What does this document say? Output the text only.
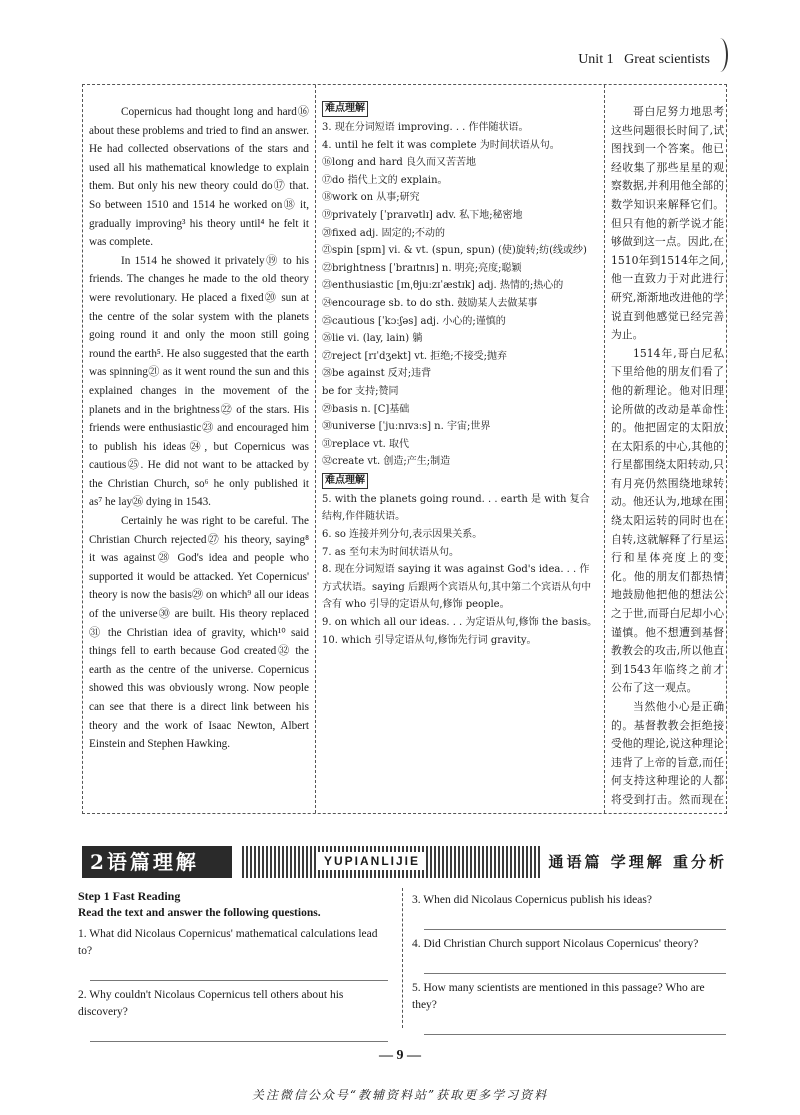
Unit 1 Great scientists

Copernicus had thought long and hard⑯ about these problems and tried to find an answer. He had collected observations of the stars and used all his mathematical knowledge to explain them. But only his new theory could do⑰ that. So between 1510 and 1514 he worked on⑱ it, gradually improving³ his theory until⁴ he felt it was complete.

In 1514 he showed it privately⑲ to his friends. The changes he made to the old theory were revolutionary. He placed a fixed⑳ sun at the centre of the solar system with the planets going round it and only the moon still going round the earth⁵. He also suggested that the earth was spinning㉑ as it went round the sun and this explained changes in the movement of the planets and in the brightness㉒ of the stars. His friends were enthusiastic㉓ and encouraged him to publish his ideas㉔, but Copernicus was cautious㉕. He did not want to be attacked by the Christian Church, so⁶ he only published it as⁷ he lay㉖ dying in 1543.

Certainly he was right to be careful. The Christian Church rejected㉗ his theory, saying⁸ it was against㉘ God's idea and people who supported it would be attacked. Yet Copernicus' theory is now the basis㉙ on which⁹ all our ideas of the universe㉚ are built. His theory replaced㉛ the Christian idea of gravity, which¹⁰ said things fell to earth because God created㉜ the earth as the centre of the universe. Copernicus showed this was obviously wrong. Now people can see that there is a direct link between his theory and the work of Isaac Newton, Albert Einstein and Stephen Hawking.

难点理解

3. 现在分词短语 improving. . . 作伴随状语。
4. until he felt it was complete 为时间状语从句。
⑯long and hard 良久而又苦苦地
⑰do 指代上文的 explain。
⑱work on 从事;研究
⑲privately [ˈpraɪvətlɪ] adv. 私下地;秘密地
⑳fixed adj. 固定的;不动的
㉑spin [spɪn] vi. & vt. (spun, spun) (使)旋转;纺(线或纱)
㉒brightness [ˈbraɪtnɪs] n. 明亮;亮度;聪颖
㉓enthusiastic [ɪnˌθjuːzɪˈæstɪk] adj. 热情的;热心的
㉔encourage sb. to do sth. 鼓励某人去做某事
㉕cautious [ˈkɔːʃəs] adj. 小心的;谨慎的
㉖lie vi. (lay, lain) 躺
㉗reject [rɪˈdʒekt] vt. 拒绝;不接受;抛弃
㉘be against 反对;违背
be for 支持;赞同
㉙basis n. [C]基础
㉚universe [ˈjuːnɪvɜːs] n. 宇宙;世界
㉛replace vt. 取代
㉜create vt. 创造;产生;制造
难点理解

5. with the planets going round. . . earth 是 with 复合结构,作伴随状语。
6. so 连接并列分句,表示因果关系。
7. as 至句末为时间状语从句。
8. 现在分词短语 saying it was against God's idea. . . 作方式状语。saying 后跟两个宾语从句,其中第二个宾语从句中含有 who 引导的定语从句,修饰 people。
9. on which all our ideas. . . 为定语从句,修饰 the basis。
10. which 引导定语从句,修饰先行词 gravity。

哥白尼努力地思考这些问题很长时间了,试图找到一个答案。他已经收集了那些星星的观察数据,并利用他全部的数学知识来解释它们。但只有他的新学说才能够做到这一点。因此,在1510年到1514年之间,他一直致力于对此进行研究,渐渐地改进他的学说直到他感觉已经完善为止。

1514年,哥白尼私下里给他的朋友们看了他的新理论。他对旧理论所做的改动是革命性的。他把固定的太阳放在太阳系的中心,其他的行星都围绕太阳转动,只有月亮仍然围绕地球转动。他还认为,地球在围绕太阳运转的同时也在自转,这就解释了行星运行和星体亮度上的变化。他的朋友们都热情地鼓励他把他的想法公之于世,而哥白尼却小心谨慎。他不想遭到基督教教会的攻击,所以他直到1543年临终之前才公布了这一观点。

当然他小心是正确的。基督教教会拒绝接受他的理论,说这种理论违背了上帝的旨意,而任何支持这种理论的人都将受到打击。然而现在

2语篇理解	YUPIANLIJIE	通语篇 学理解 重分析
Step 1 Fast Reading
Read the text and answer the following questions.
1. What did Nicolaus Copernicus' mathematical calculations lead to?
2. Why couldn't Nicolaus Copernicus tell others about his discovery?
3. When did Nicolaus Copernicus publish his ideas?
4. Did Christian Church support Nicolaus Copernicus' theory?
5. How many scientists are mentioned in this passage? Who are they?
— 9 —
关注微信公众号“教辅资料站”获取更多学习资料
